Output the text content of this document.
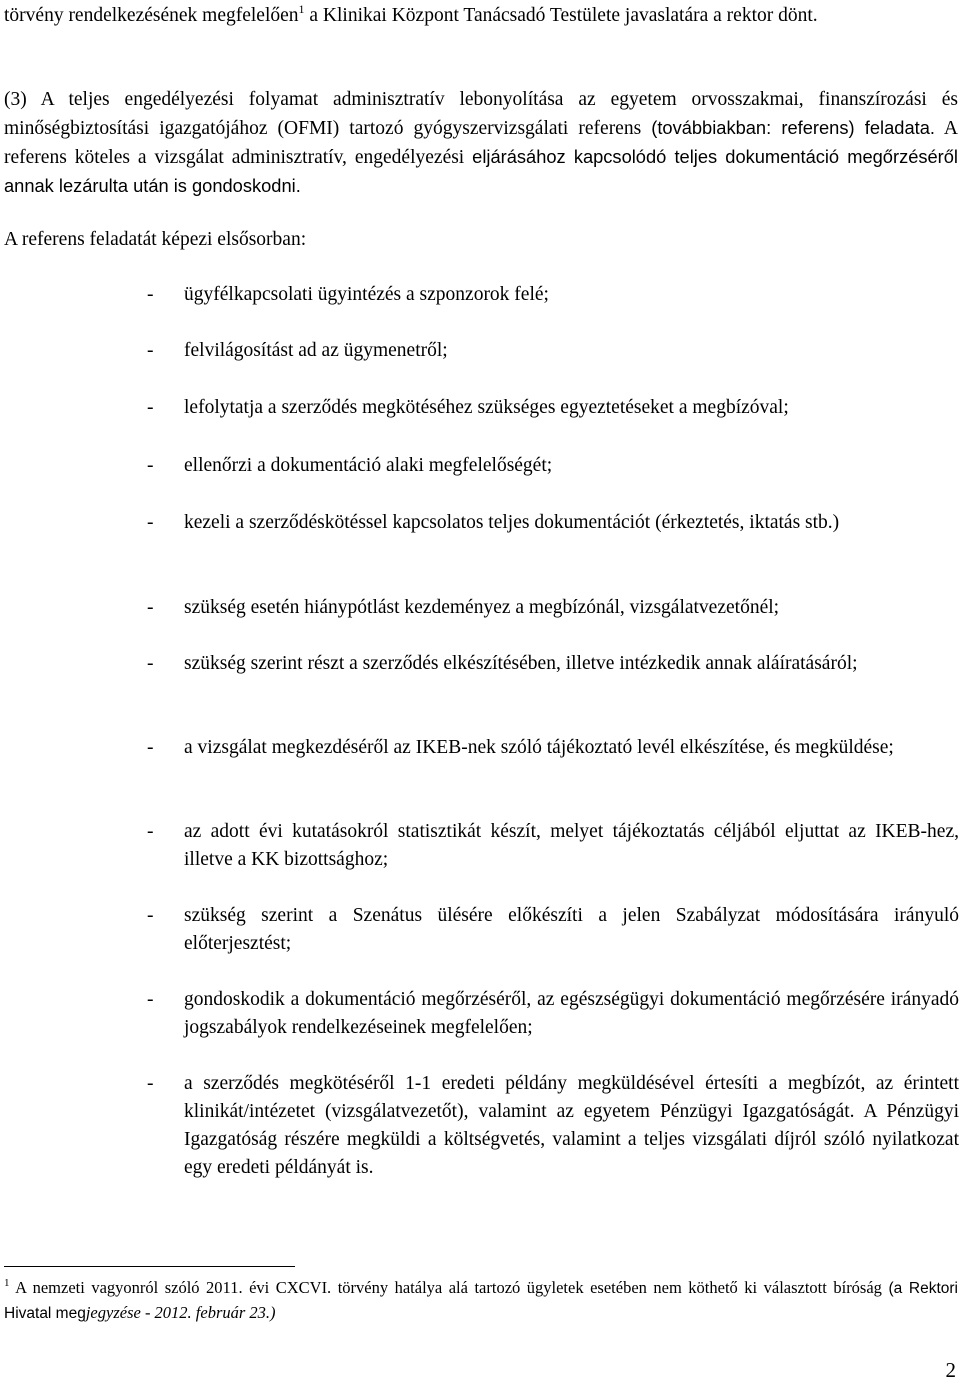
törvény rendelkezésének megfelelően$^1$ a Klinikai Központ Tanácsadó Testülete javaslatára a rektor dönt.
(3) A teljes engedélyezési folyamat adminisztratív lebonyolítása az egyetem orvosszakmai, finanszírozási és minőségbiztosítási igazgatójához (OFMI) tartozó gyógyszervizsgálati referens (továbbiakban: referens) feladata. A referens köteles a vizsgálat adminisztratív, engedélyezési eljárásához kapcsolódó teljes dokumentáció megőrzéséről annak lezárulta után is gondoskodni.
A referens feladatát képezi elsősorban:
- ügyfélkapcsolati ügyintézés a szponzorok felé;
- felvilágosítást ad az ügymenetről;
- lefolytatja a szerződés megkötéséhez szükséges egyeztetéseket a megbízóval;
- ellenőrzi a dokumentáció alaki megfelelőségét;
- kezeli a szerződéskötéssel kapcsolatos teljes dokumentációt (érkeztetés, iktatás stb.)
- szükség esetén hiánypótlást kezdeményez a megbízónál, vizsgálatvezetőnél;
- szükség szerint részt a szerződés elkészítésében, illetve intézkedik annak aláíratásáról;
- a vizsgálat megkezdéséről az IKEB-nek szóló tájékoztató levél elkészítése, és megküldése;
- az adott évi kutatásokról statisztikát készít, melyet tájékoztatás céljából eljuttat az IKEB-hez, illetve a KK bizottsághoz;
- szükség szerint a Szenátus ülésére előkészíti a jelen Szabályzat módosítására irányuló előterjesztést;
- gondoskodik a dokumentáció megőrzéséről, az egészségügyi dokumentáció megőrzésére irányadó jogszabályok rendelkezéseinek megfelelően;
- a szerződés megkötéséről 1-1 eredeti példány megküldésével értesíti a megbízót, az érintett klinikát/intézetet (vizsgálatvezetőt), valamint az egyetem Pénzügyi Igazgatóságát. A Pénzügyi Igazgatóság részére megküldi a költségvetés, valamint a teljes vizsgálati díjról szóló nyilatkozat egy eredeti példányát is.
$^1$ A nemzeti vagyonról szóló 2011. évi CXCVI. törvény hatálya alá tartozó ügyletek esetében nem köthető ki választott bíróság (a Rektori Hivatal megjegyzése - 2012. február 23.)
2
